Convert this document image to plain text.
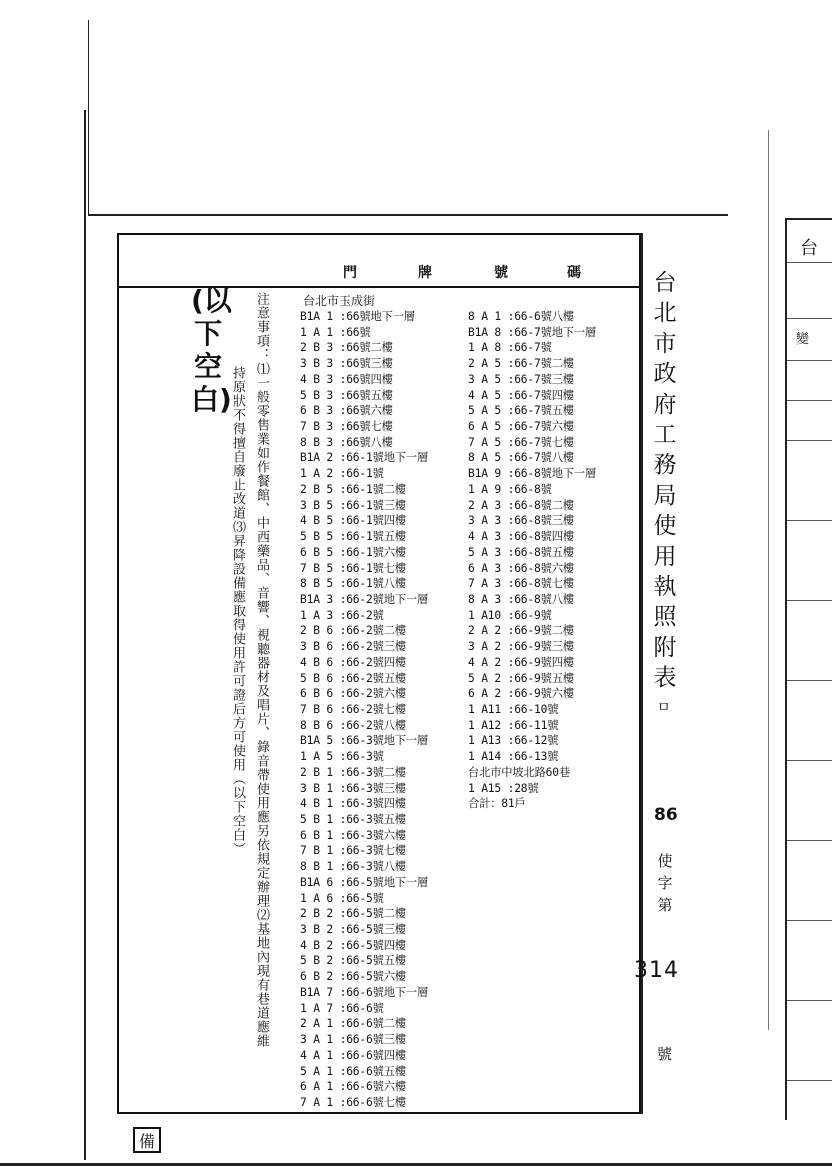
台
變
門	牌	號	碼	台北市政府工務局使用執照附表
ㅁ
86
使字第
314
號
(以下空白) 注意事項：⑴一般零售業如作餐館、中西藥品、音響、視聽器材及唱片、錄音帶使用應另依規定辦理⑵基地內現有巷道應維
持原狀不得擅自廢止改道⑶昇降設備應取得使用許可證后方可使用（以下空白）
台北市玉成街
B1A 1 :66號地下一層
1 A 1 :66號
2 B 3 :66號二樓
3 B 3 :66號三樓
4 B 3 :66號四樓
5 B 3 :66號五樓
6 B 3 :66號六樓
7 B 3 :66號七樓
8 B 3 :66號八樓
B1A 2 :66-1號地下一層
1 A 2 :66-1號
2 B 5 :66-1號二樓
3 B 5 :66-1號三樓
4 B 5 :66-1號四樓
5 B 5 :66-1號五樓
6 B 5 :66-1號六樓
7 B 5 :66-1號七樓
8 B 5 :66-1號八樓
B1A 3 :66-2號地下一層
1 A 3 :66-2號
2 B 6 :66-2號二樓
3 B 6 :66-2號三樓
4 B 6 :66-2號四樓
5 B 6 :66-2號五樓
6 B 6 :66-2號六樓
7 B 6 :66-2號七樓
8 B 6 :66-2號八樓
B1A 5 :66-3號地下一層
1 A 5 :66-3號
2 B 1 :66-3號二樓
3 B 1 :66-3號三樓
4 B 1 :66-3號四樓
5 B 1 :66-3號五樓
6 B 1 :66-3號六樓
7 B 1 :66-3號七樓
8 B 1 :66-3號八樓
B1A 6 :66-5號地下一層
1 A 6 :66-5號
2 B 2 :66-5號二樓
3 B 2 :66-5號三樓
4 B 2 :66-5號四樓
5 B 2 :66-5號五樓
6 B 2 :66-5號六樓
B1A 7 :66-6號地下一層
1 A 7 :66-6號
2 A 1 :66-6號二樓
3 A 1 :66-6號三樓
4 A 1 :66-6號四樓
5 A 1 :66-6號五樓
6 A 1 :66-6號六樓
7 A 1 :66-6號七樓
8 A 1 :66-6號八樓
B1A 8 :66-7號地下一層
1 A 8 :66-7號
2 A 5 :66-7號二樓
3 A 5 :66-7號三樓
4 A 5 :66-7號四樓
5 A 5 :66-7號五樓
6 A 5 :66-7號六樓
7 A 5 :66-7號七樓
8 A 5 :66-7號八樓
B1A 9 :66-8號地下一層
1 A 9 :66-8號
2 A 3 :66-8號二樓
3 A 3 :66-8號三樓
4 A 3 :66-8號四樓
5 A 3 :66-8號五樓
6 A 3 :66-8號六樓
7 A 3 :66-8號七樓
8 A 3 :66-8號八樓
1 A10 :66-9號
2 A 2 :66-9號二樓
3 A 2 :66-9號三樓
4 A 2 :66-9號四樓
5 A 2 :66-9號五樓
6 A 2 :66-9號六樓
1 A11 :66-10號
1 A12 :66-11號
1 A13 :66-12號
1 A14 :66-13號
台北市中坡北路60巷
1 A15 :28號
合計：81戶
備
